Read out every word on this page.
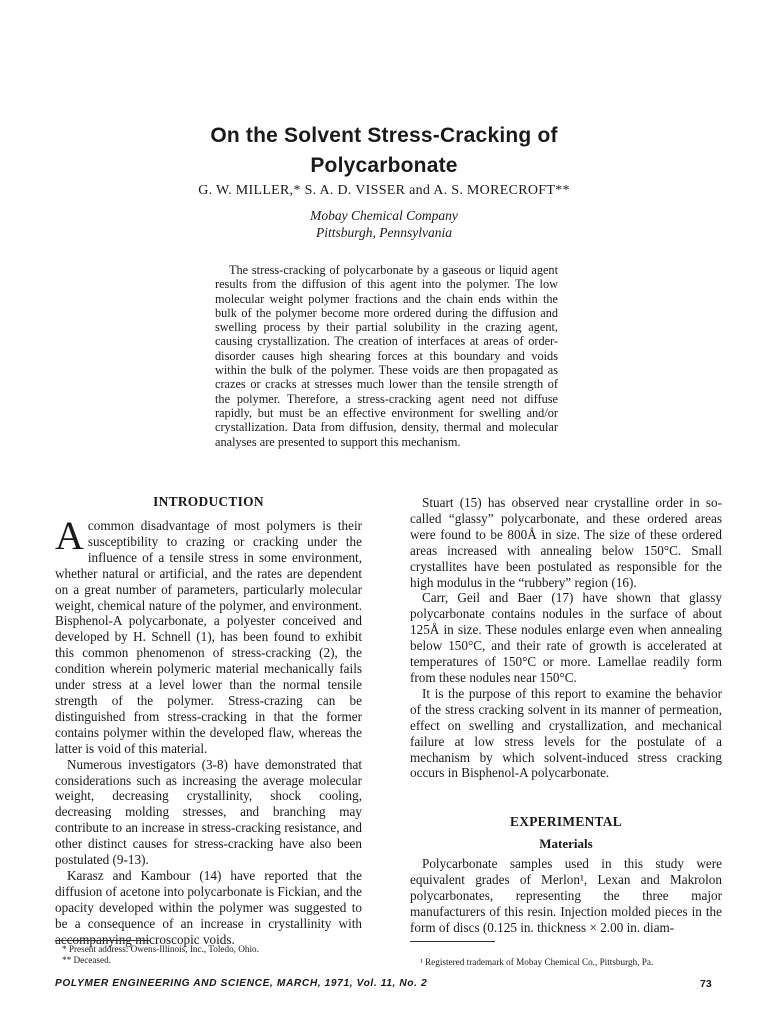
On the Solvent Stress-Cracking of
Polycarbonate
G. W. MILLER,* S. A. D. VISSER and A. S. MORECROFT**
Mobay Chemical Company
Pittsburgh, Pennsylvania

The stress-cracking of polycarbonate by a gaseous or liquid agent results from the diffusion of this agent into the polymer. The low molecular weight polymer fractions and the chain ends within the bulk of the polymer become more ordered during the diffusion and swelling process by their partial solubility in the crazing agent, causing crystallization. The creation of interfaces at areas of order-disorder causes high shearing forces at this boundary and voids within the bulk of the polymer. These voids are then propagated as crazes or cracks at stresses much lower than the tensile strength of the polymer. Therefore, a stress-cracking agent need not diffuse rapidly, but must be an effective environment for swelling and/or crystallization. Data from diffusion, density, thermal and molecular analyses are presented to support this mechanism.

INTRODUCTION

Acommon disadvantage of most polymers is their susceptibility to crazing or cracking under the influence of a tensile stress in some environment, whether natural or artificial, and the rates are dependent on a great number of parameters, particularly molecular weight, chemical nature of the polymer, and environment. Bisphenol-A polycarbonate, a polyester conceived and developed by H. Schnell (1), has been found to exhibit this common phenomenon of stress-cracking (2), the condition wherein polymeric material mechanically fails under stress at a level lower than the normal tensile strength of the polymer. Stress-crazing can be distinguished from stress-cracking in that the former contains polymer within the developed flaw, whereas the latter is void of this material.

Numerous investigators (3-8) have demonstrated that considerations such as increasing the average molecular weight, decreasing crystallinity, shock cooling, decreasing molding stresses, and branching may contribute to an increase in stress-cracking resistance, and other distinct causes for stress-cracking have also been postulated (9-13).

Karasz and Kambour (14) have reported that the diffusion of acetone into polycarbonate is Fickian, and the opacity developed within the polymer was suggested to be a consequence of an increase in crystallinity with accompanying microscopic voids.

Stuart (15) has observed near crystalline order in so-called “glassy” polycarbonate, and these ordered areas were found to be 800Å in size. The size of these ordered areas increased with annealing below 150°C. Small crystallites have been postulated as responsible for the high modulus in the “rubbery” region (16).

Carr, Geil and Baer (17) have shown that glassy polycarbonate contains nodules in the surface of about 125Å in size. These nodules enlarge even when annealing below 150°C, and their rate of growth is accelerated at temperatures of 150°C or more. Lamellae readily form from these nodules near 150°C.

It is the purpose of this report to examine the behavior of the stress cracking solvent in its manner of permeation, effect on swelling and crystallization, and mechanical failure at low stress levels for the postulate of a mechanism by which solvent-induced stress cracking occurs in Bisphenol-A polycarbonate.

EXPERIMENTAL
Materials

Polycarbonate samples used in this study were equivalent grades of Merlon¹, Lexan and Makrolon polycarbonates, representing the three major manufacturers of this resin. Injection molded pieces in the form of discs (0.125 in. thickness × 2.00 in. diam-

* Present address: Owens-Illinois, Inc., Toledo, Ohio.
** Deceased.	¹ Registered trademark of Mobay Chemical Co., Pittsburgh, Pa.
POLYMER ENGINEERING AND SCIENCE, MARCH, 1971, Vol. 11, No. 2	73
